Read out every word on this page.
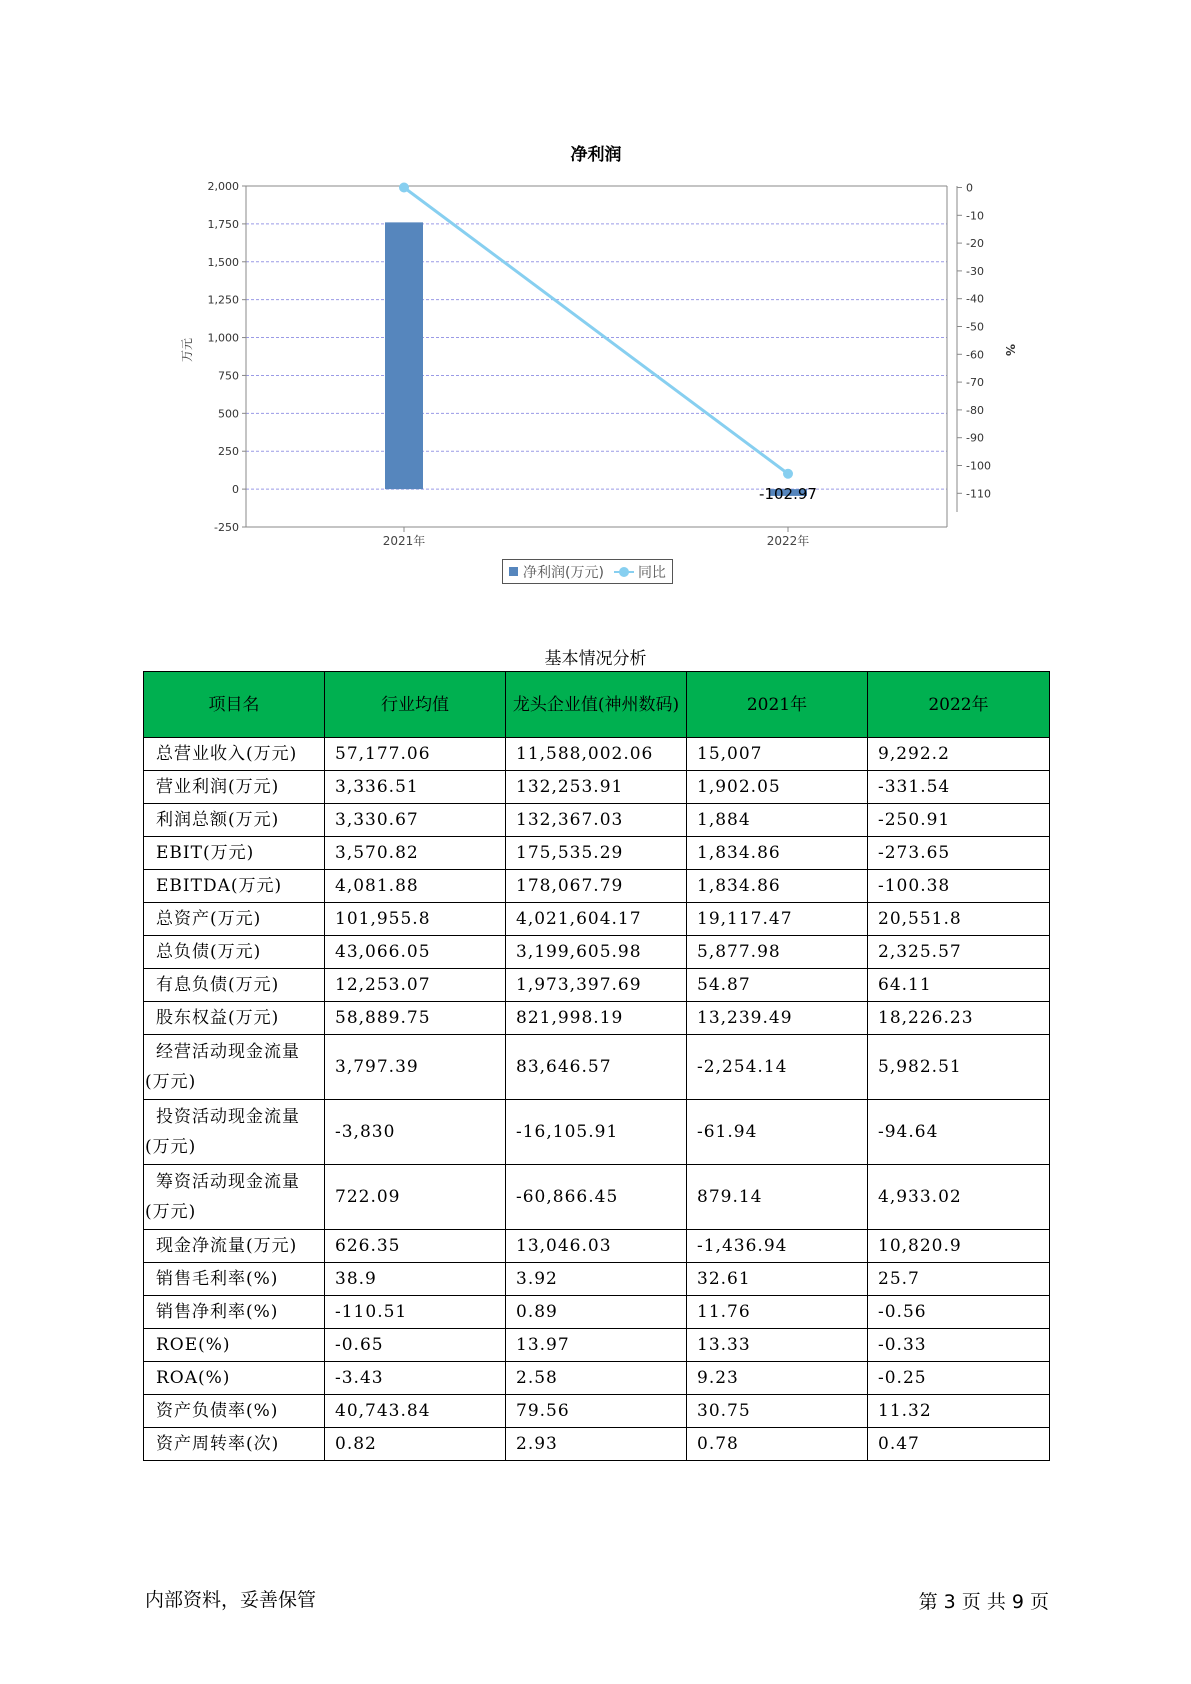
-250
0
250
500
750
1,000
1,250
1,500
1,750
2,000	0
-10
-20
-30
-40
-50
-60
-70
-80
-90
-100
-110
2021年	2022年
净利润
万元	%
-102.97
净利润(万元) 同比
基本情况分析
项目名	行业均值	龙头企业值(神州数码)	2021年	2022年
总营业收入(万元)	57,177.06	11,588,002.06	15,007	9,292.2
营业利润(万元)	3,336.51	132,253.91	1,902.05	-331.54
利润总额(万元)	3,330.67	132,367.03	1,884	-250.91
EBIT(万元)	3,570.82	175,535.29	1,834.86	-273.65
EBITDA(万元)	4,081.88	178,067.79	1,834.86	-100.38
总资产(万元)	101,955.8	4,021,604.17	19,117.47	20,551.8
总负债(万元)	43,066.05	3,199,605.98	5,877.98	2,325.57
有息负债(万元)	12,253.07	1,973,397.69	54.87	64.11
股东权益(万元)	58,889.75	821,998.19	13,239.49	18,226.23
经营活动现金流量(万元)	3,797.39	83,646.57	-2,254.14	5,982.51
投资活动现金流量(万元)	-3,830	-16,105.91	-61.94	-94.64
筹资活动现金流量(万元)	722.09	-60,866.45	879.14	4,933.02
现金净流量(万元)	626.35	13,046.03	-1,436.94	10,820.9
销售毛利率(%)	38.9	3.92	32.61	25.7
销售净利率(%)	-110.51	0.89	11.76	-0.56
ROE(%)	-0.65	13.97	13.33	-0.33
ROA(%)	-3.43	2.58	9.23	-0.25
资产负债率(%)	40,743.84	79.56	30.75	11.32
资产周转率(次)	0.82	2.93	0.78	0.47
内部资料，妥善保管	第 3 页 共 9 页
